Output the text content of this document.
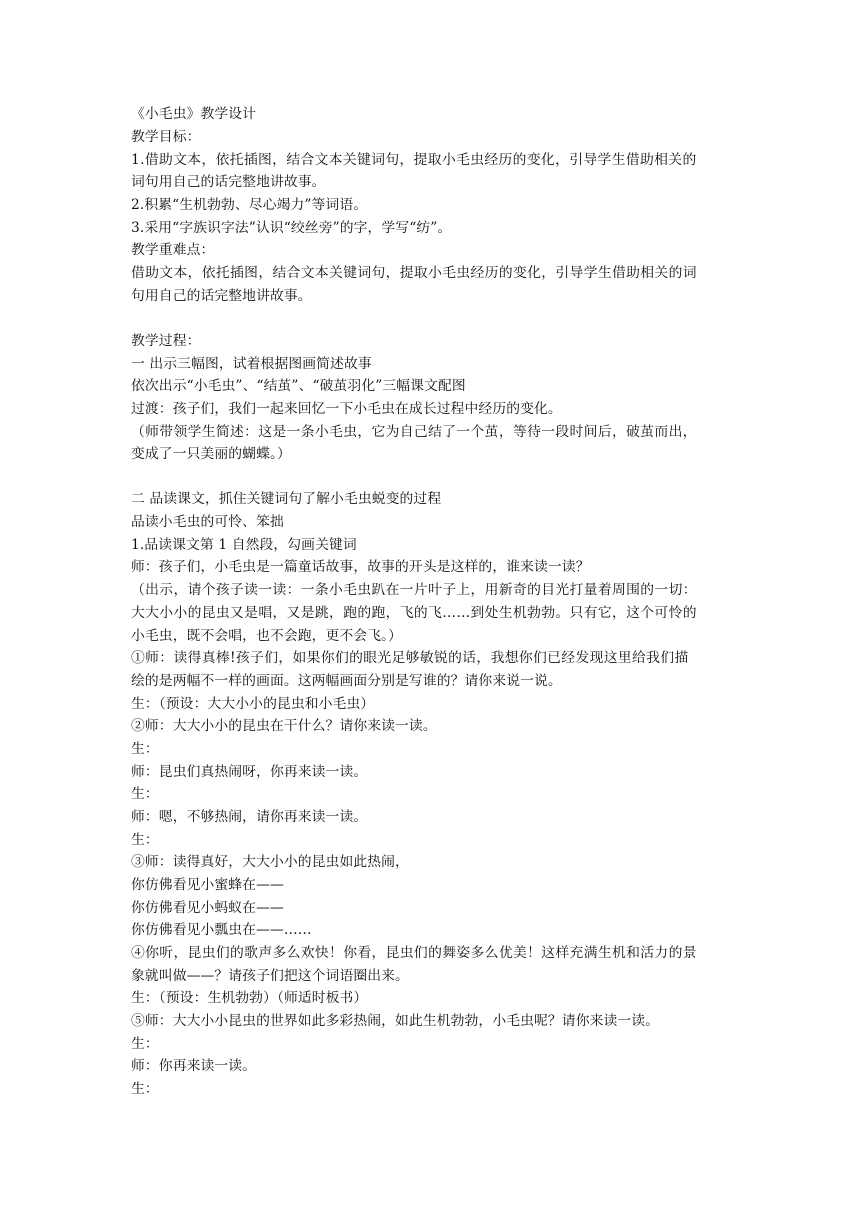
《小毛虫》教学设计
教学目标：
1.借助文本，依托插图，结合文本关键词句，提取小毛虫经历的变化，引导学生借助相关的
词句用自己的话完整地讲故事。
2.积累“生机勃勃、尽心竭力”等词语。
3.采用“字族识字法”认识“绞丝旁”的字，学写“纺”。
教学重难点：
借助文本，依托插图，结合文本关键词句，提取小毛虫经历的变化，引导学生借助相关的词
句用自己的话完整地讲故事。
教学过程：
一 出示三幅图，试着根据图画简述故事
依次出示“小毛虫”、“结茧”、“破茧羽化”三幅课文配图
过渡：孩子们，我们一起来回忆一下小毛虫在成长过程中经历的变化。
（师带领学生简述：这是一条小毛虫，它为自己结了一个茧，等待一段时间后，破茧而出，
变成了一只美丽的蝴蝶。）
二 品读课文，抓住关键词句了解小毛虫蜕变的过程
品读小毛虫的可怜、笨拙
1.品读课文第 1 自然段，勾画关键词
师：孩子们，小毛虫是一篇童话故事，故事的开头是这样的，谁来读一读？
（出示，请个孩子读一读：一条小毛虫趴在一片叶子上，用新奇的目光打量着周围的一切：
大大小小的昆虫又是唱，又是跳，跑的跑，飞的飞……到处生机勃勃。只有它，这个可怜的
小毛虫，既不会唱，也不会跑，更不会飞。）
①师：读得真棒!孩子们，如果你们的眼光足够敏锐的话，我想你们已经发现这里给我们描
绘的是两幅不一样的画面。这两幅画面分别是写谁的？请你来说一说。
生：（预设：大大小小的昆虫和小毛虫）
②师：大大小小的昆虫在干什么？请你来读一读。
生：
师：昆虫们真热闹呀，你再来读一读。
生：
师：嗯，不够热闹，请你再来读一读。
生：
③师：读得真好，大大小小的昆虫如此热闹，
你仿佛看见小蜜蜂在——
你仿佛看见小蚂蚁在——
你仿佛看见小瓢虫在——……
④你听，昆虫们的歌声多么欢快！你看，昆虫们的舞姿多么优美！这样充满生机和活力的景
象就叫做——？请孩子们把这个词语圈出来。
生：（预设：生机勃勃）（师适时板书）
⑤师：大大小小昆虫的世界如此多彩热闹，如此生机勃勃，小毛虫呢？请你来读一读。
生：
师：你再来读一读。
生：
